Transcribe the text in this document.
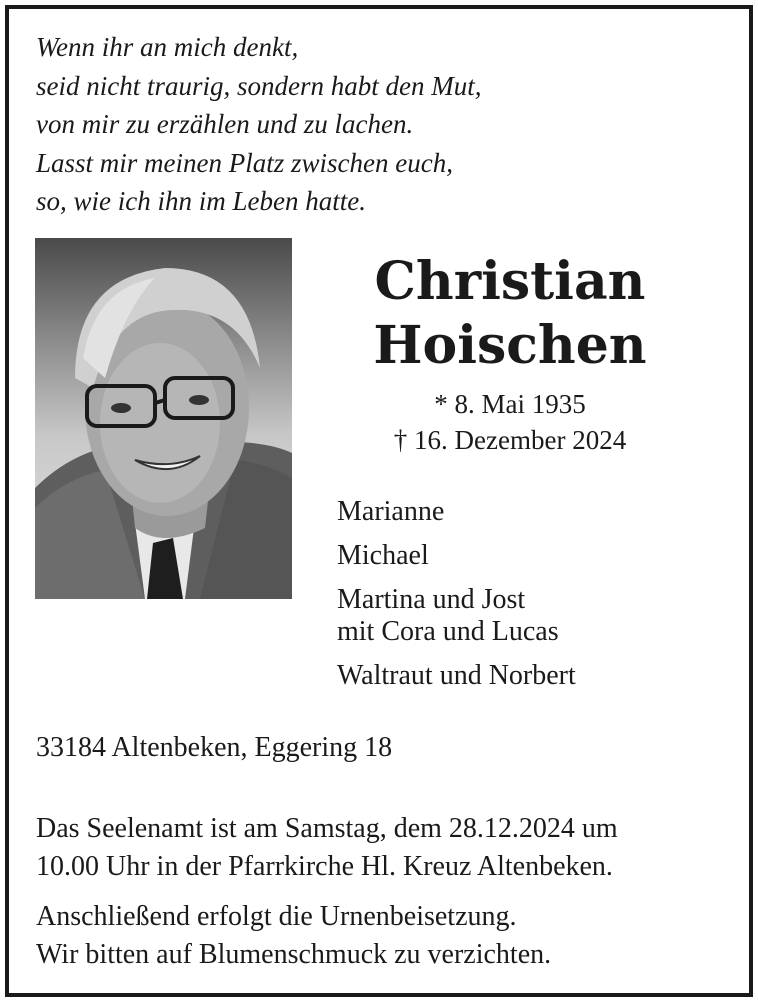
Wenn ihr an mich denkt,
seid nicht traurig, sondern habt den Mut,
von mir zu erzählen und zu lachen.
Lasst mir meinen Platz zwischen euch,
so, wie ich ihn im Leben hatte.
Christian
Hoischen
* 8. Mai 1935
† 16. Dezember 2024
Marianne
Michael
Martina und Jost
mit Cora und Lucas
Waltraut und Norbert
33184 Altenbeken, Eggering 18
Das Seelenamt ist am Samstag, dem 28.12.2024 um
10.00 Uhr in der Pfarrkirche Hl. Kreuz Altenbeken.
Anschließend erfolgt die Urnenbeisetzung.
Wir bitten auf Blumenschmuck zu verzichten.
